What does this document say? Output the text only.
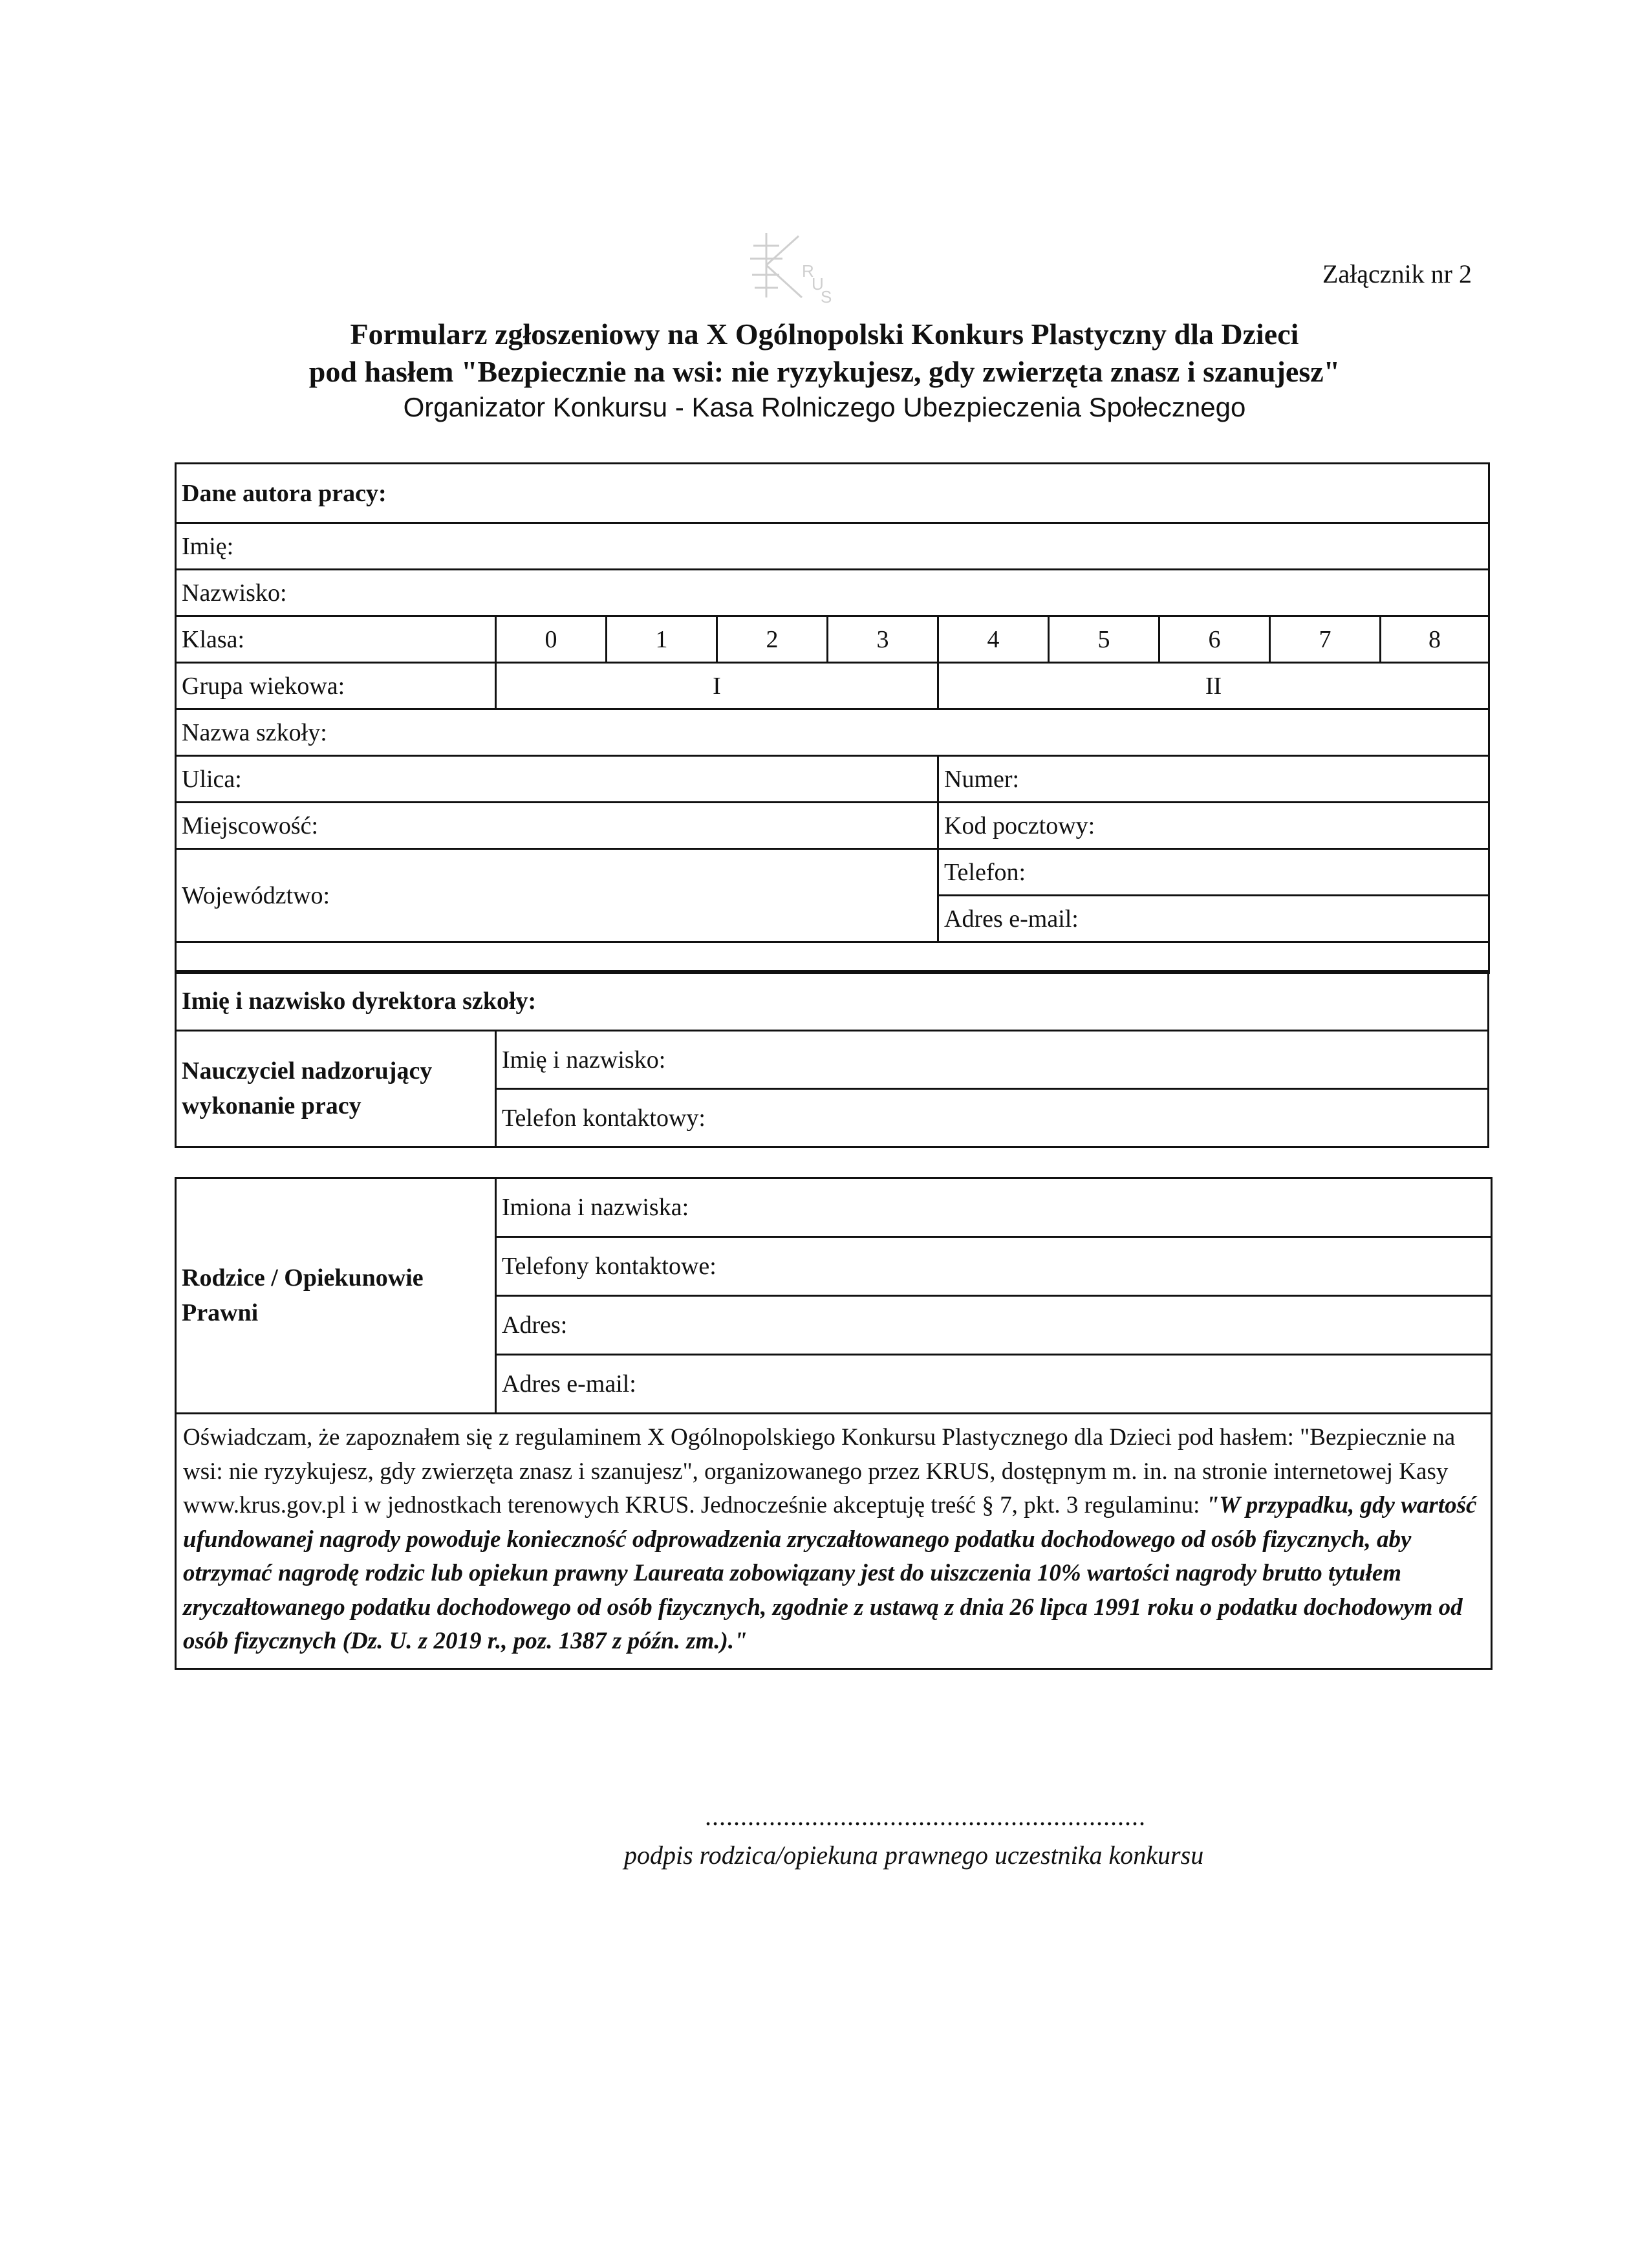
Załącznik nr 2
R
U
S
Formularz zgłoszeniowy na X Ogólnopolski Konkurs Plastyczny dla Dzieci
pod hasłem "Bezpiecznie na wsi: nie ryzykujesz, gdy zwierzęta znasz i szanujesz"
Organizator Konkursu - Kasa Rolniczego Ubezpieczenia Społecznego
Dane autora pracy:									
Imię:									
Nazwisko:									
Klasa:	0	1	2	3	4	5	6	7	8
Grupa wiekowa:	I				II				
Nazwa szkoły:									
Ulica:					Numer:				
Miejscowość:					Kod pocztowy:				
Województwo:					Telefon:				
					Adres e-mail:				

Imię i nazwisko dyrektora szkoły:
Nauczyciel nadzorujący wykonanie pracy	Imię i nazwisko:
Telefon kontaktowy:
Rodzice / Opiekunowie Prawni	Imiona i nazwiska:
Telefony kontaktowe:
Adres:
Adres e-mail:
Oświadczam, że zapoznałem się z regulaminem X Ogólnopolskiego Konkursu Plastycznego dla Dzieci pod hasłem: "Bezpiecznie na wsi: nie ryzykujesz, gdy zwierzęta znasz i szanujesz", organizowanego przez KRUS, dostępnym m. in. na stronie internetowej Kasy www.krus.gov.pl i w jednostkach terenowych KRUS. Jednocześnie akceptuję treść § 7, pkt. 3 regulaminu: "W przypadku, gdy wartość ufundowanej nagrody powoduje konieczność odprowadzenia zryczałtowanego podatku dochodowego od osób fizycznych, aby otrzymać nagrodę rodzic lub opiekun prawny Laureata zobowiązany jest do uiszczenia 10% wartości nagrody brutto tytułem zryczałtowanego podatku dochodowego od osób fizycznych, zgodnie z ustawą z dnia 26 lipca 1991 roku o podatku dochodowym od osób fizycznych (Dz. U. z 2019 r., poz. 1387 z późn. zm.)."
..............................................................
podpis rodzica/opiekuna prawnego uczestnika konkursu
